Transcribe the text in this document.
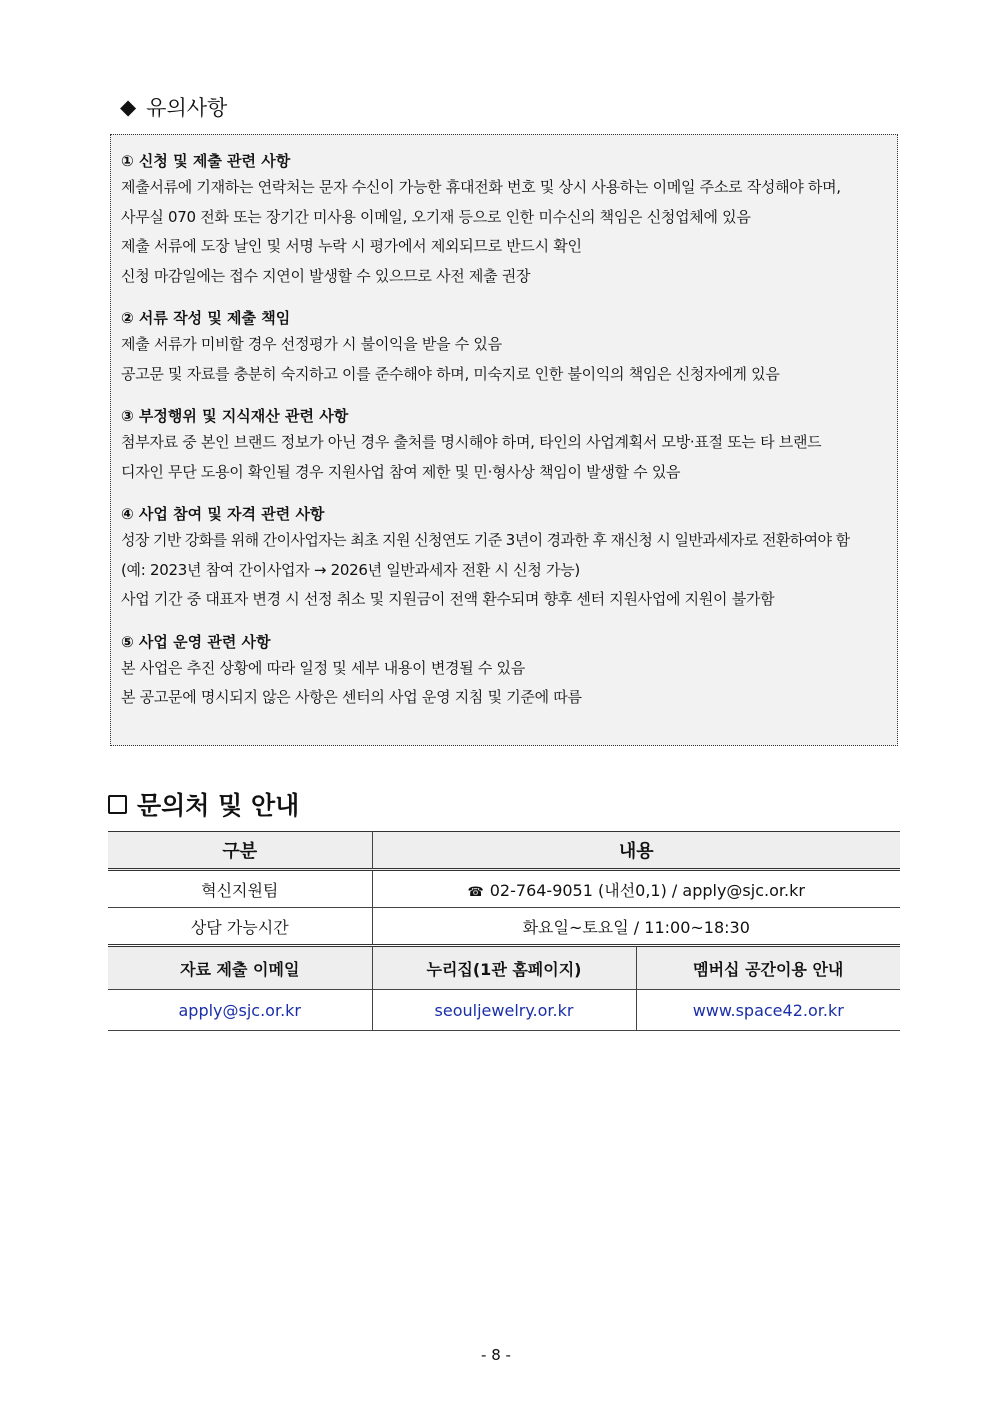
◆ 유의사항
① 신청 및 제출 관련 사항
제출서류에 기재하는 연락처는 문자 수신이 가능한 휴대전화 번호 및 상시 사용하는 이메일 주소로 작성해야 하며,
사무실 070 전화 또는 장기간 미사용 이메일, 오기재 등으로 인한 미수신의 책임은 신청업체에 있음
제출 서류에 도장 날인 및 서명 누락 시 평가에서 제외되므로 반드시 확인
신청 마감일에는 접수 지연이 발생할 수 있으므로 사전 제출 권장
② 서류 작성 및 제출 책임
제출 서류가 미비할 경우 선정평가 시 불이익을 받을 수 있음
공고문 및 자료를 충분히 숙지하고 이를 준수해야 하며, 미숙지로 인한 불이익의 책임은 신청자에게 있음
③ 부정행위 및 지식재산 관련 사항
첨부자료 중 본인 브랜드 정보가 아닌 경우 출처를 명시해야 하며, 타인의 사업계획서 모방·표절 또는 타 브랜드
디자인 무단 도용이 확인될 경우 지원사업 참여 제한 및 민·형사상 책임이 발생할 수 있음
④ 사업 참여 및 자격 관련 사항
성장 기반 강화를 위해 간이사업자는 최초 지원 신청연도 기준 3년이 경과한 후 재신청 시 일반과세자로 전환하여야 함
(예: 2023년 참여 간이사업자 → 2026년 일반과세자 전환 시 신청 가능)
사업 기간 중 대표자 변경 시 선정 취소 및 지원금이 전액 환수되며 향후 센터 지원사업에 지원이 불가함
⑤ 사업 운영 관련 사항
본 사업은 추진 상황에 따라 일정 및 세부 내용이 변경될 수 있음
본 공고문에 명시되지 않은 사항은 센터의 사업 운영 지침 및 기준에 따름
문의처 및 안내
구분	내용	
혁신지원팀	☎ 02-764-9051 (내선0,1) / apply@sjc.or.kr	
상담 가능시간	화요일~토요일 / 11:00~18:30	
자료 제출 이메일	누리집(1관 홈페이지)	멤버십 공간이용 안내
apply@sjc.or.kr	seouljewelry.or.kr	www.space42.or.kr
- 8 -
